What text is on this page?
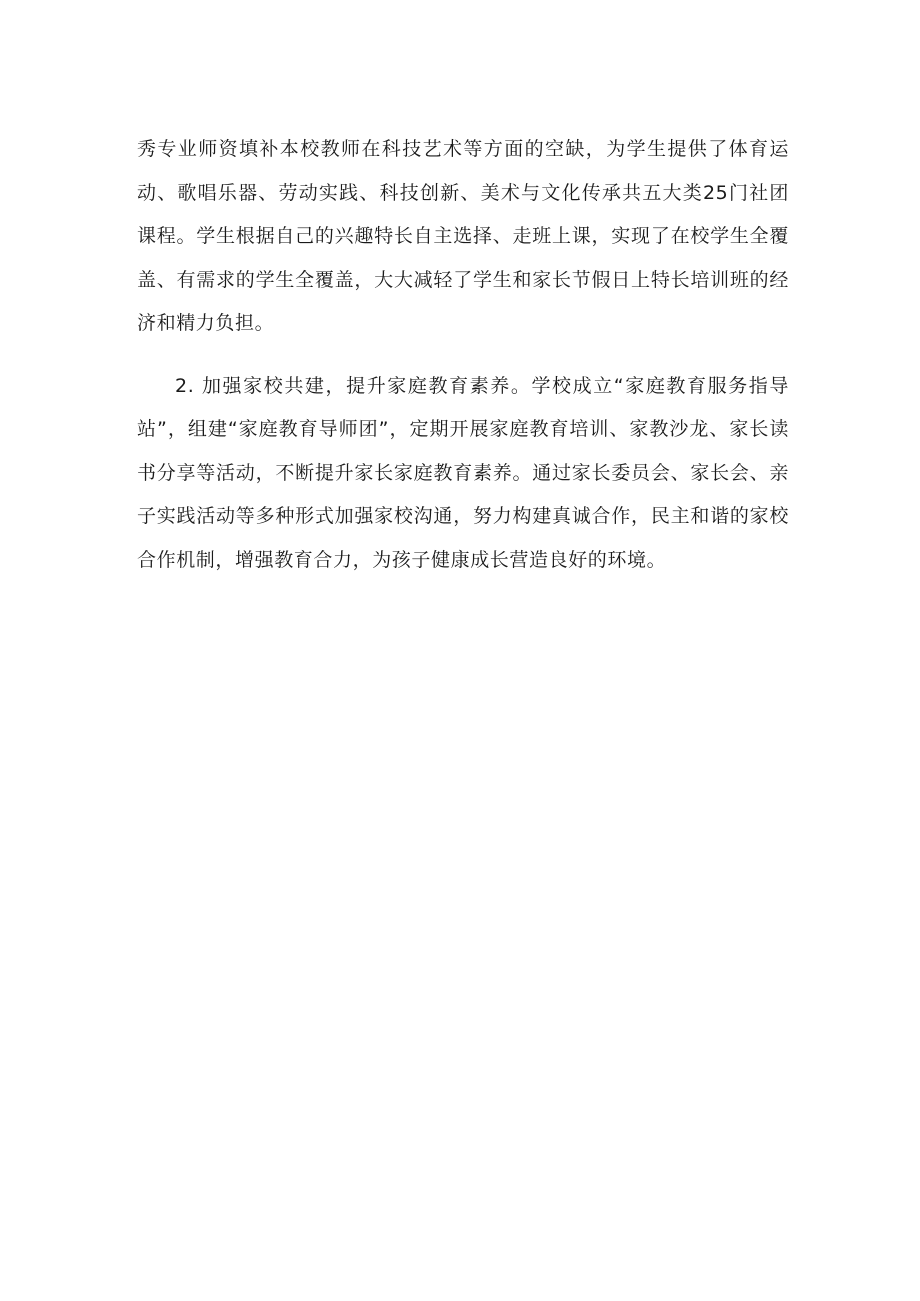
秀专业师资填补本校教师在科技艺术等方面的空缺，为学生提供了体育运动、歌唱乐器、劳动实践、科技创新、美术与文化传承共五大类25门社团课程。学生根据自己的兴趣特长自主选择、走班上课，实现了在校学生全覆盖、有需求的学生全覆盖，大大减轻了学生和家长节假日上特长培训班的经济和精力负担。

2. 加强家校共建，提升家庭教育素养。学校成立“家庭教育服务指导站”，组建“家庭教育导师团”，定期开展家庭教育培训、家教沙龙、家长读书分享等活动，不断提升家长家庭教育素养。通过家长委员会、家长会、亲子实践活动等多种形式加强家校沟通，努力构建真诚合作，民主和谐的家校合作机制，增强教育合力，为孩子健康成长营造良好的环境。
